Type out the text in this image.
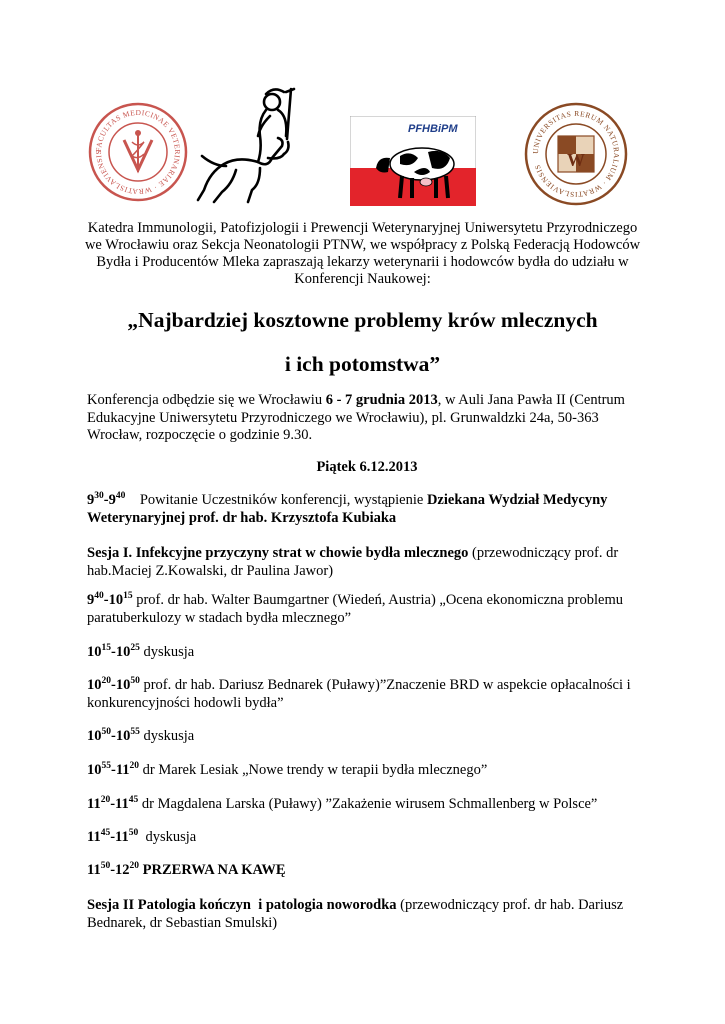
FACULTAS MEDICINAE VETERINARIAE · WRATISLAVIENSIS
PFHBiPM
UNIVERSITAS RERUM NATURALIUM · WRATISLAVIENSIS	W
Katedra Immunologii, Patofizjologii i Prewencji Weterynaryjnej Uniwersytetu Przyrodniczego we Wrocławiu oraz Sekcja Neonatologii PTNW, we współpracy z Polską Federacją Hodowców Bydła i Producentów Mleka zapraszają lekarzy weterynarii i hodowców bydła do udziału w Konferencji Naukowej:
„Najbardziej kosztowne problemy krów mlecznych
i ich potomstwa”
Konferencja odbędzie się we Wrocławiu 6 - 7 grudnia 2013, w Auli Jana Pawła II (Centrum Edukacyjne Uniwersytetu Przyrodniczego we Wrocławiu), pl. Grunwaldzki 24a, 50-363 Wrocław, rozpoczęcie o godzinie 9.30.
Piątek 6.12.2013
$9^{30}-9^{40}$    Powitanie Uczestników konferencji, wystąpienie Dziekana Wydział Medycyny Weterynaryjnej prof. dr hab. Krzysztofa Kubiaka
Sesja I. Infekcyjne przyczyny strat w chowie bydła mlecznego (przewodniczący prof. dr hab.Maciej Z.Kowalski, dr Paulina Jawor)
$9^{40}-10^{15}$ prof. dr hab. Walter Baumgartner (Wiedeń, Austria) „Ocena ekonomiczna problemu paratuberkulozy w stadach bydła mlecznego”
$10^{15}-10^{25}$ dyskusja
$10^{20}-10^{50}$ prof. dr hab. Dariusz Bednarek (Puławy)”Znaczenie BRD w aspekcie opłacalności i konkurencyjności hodowli bydła”
$10^{50}-10^{55}$ dyskusja
$10^{55}-11^{20}$ dr Marek Lesiak „Nowe trendy w terapii bydła mlecznego”
$11^{20}-11^{45}$ dr Magdalena Larska (Puławy) ”Zakażenie wirusem Schmallenberg w Polsce”
$11^{45}-11^{50}$  dyskusja
$11^{50}-12^{20}$ PRZERWA NA KAWĘ
Sesja II Patologia kończyn  i patologia noworodka (przewodniczący prof. dr hab. Dariusz Bednarek, dr Sebastian Smulski)
